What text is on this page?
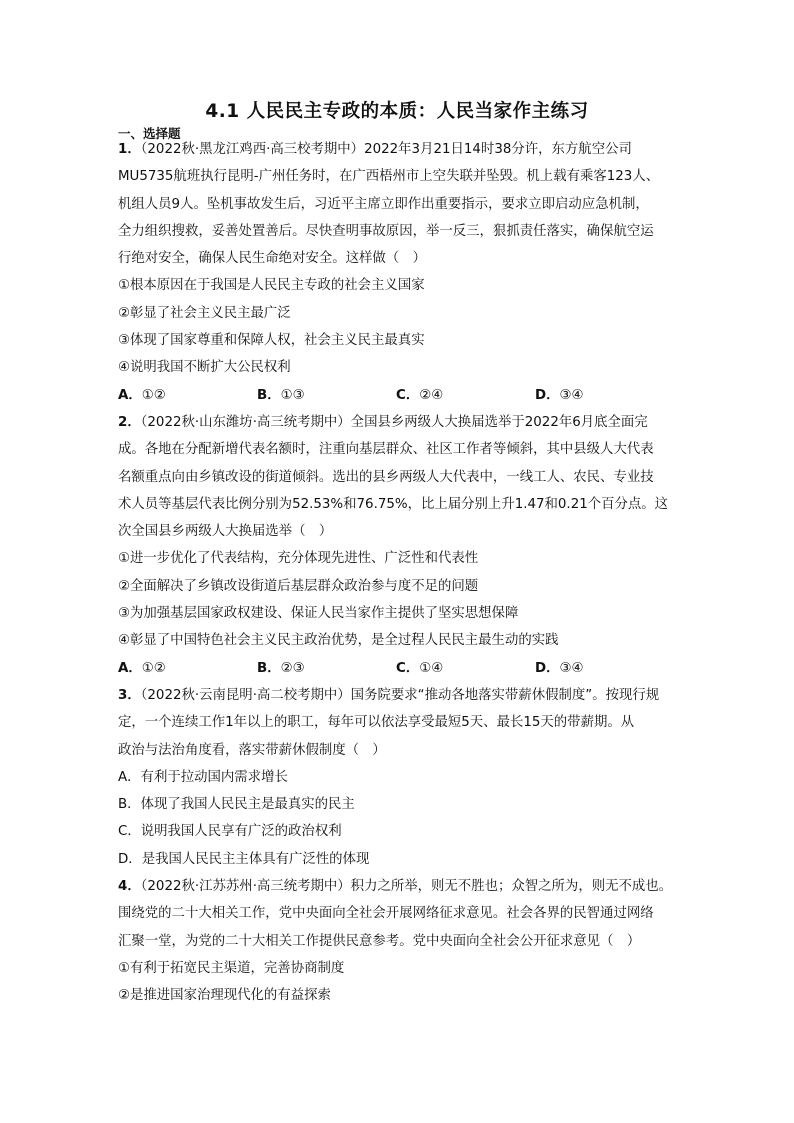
4.1 人民民主专政的本质：人民当家作主练习
一、选择题
1．（2022秋·黑龙江鸡西·高三校考期中）2022年3月21日14时38分许，东方航空公司
MU5735航班执行昆明-广州任务时，在广西梧州市上空失联并坠毁。机上载有乘客123人、
机组人员9人。坠机事故发生后，习近平主席立即作出重要指示，要求立即启动应急机制，
全力组织搜救，妥善处置善后。尽快查明事故原因，举一反三，狠抓责任落实，确保航空运
行绝对安全，确保人民生命绝对安全。这样做（　）
①根本原因在于我国是人民民主专政的社会主义国家
②彰显了社会主义民主最广泛
③体现了国家尊重和保障人权，社会主义民主最真实
④说明我国不断扩大公民权利
A．①②	B．①③	C．②④	D．③④
2．（2022秋·山东潍坊·高三统考期中）全国县乡两级人大换届选举于2022年6月底全面完
成。各地在分配新增代表名额时，注重向基层群众、社区工作者等倾斜，其中县级人大代表
名额重点向由乡镇改设的街道倾斜。选出的县乡两级人大代表中，一线工人、农民、专业技
术人员等基层代表比例分别为52.53%和76.75%，比上届分别上升1.47和0.21个百分点。这
次全国县乡两级人大换届选举（　）
①进一步优化了代表结构，充分体现先进性、广泛性和代表性
②全面解决了乡镇改设街道后基层群众政治参与度不足的问题
③为加强基层国家政权建设、保证人民当家作主提供了坚实思想保障
④彰显了中国特色社会主义民主政治优势，是全过程人民民主最生动的实践
A．①②	B．②③	C．①④	D．③④
3．（2022秋·云南昆明·高二校考期中）国务院要求“推动各地落实带薪休假制度”。按现行规
定，一个连续工作1年以上的职工，每年可以依法享受最短5天、最长15天的带薪期。从
政治与法治角度看，落实带薪休假制度（　）
A．有利于拉动国内需求增长
B．体现了我国人民民主是最真实的民主
C．说明我国人民享有广泛的政治权利
D．是我国人民民主主体具有广泛性的体现
4．（2022秋·江苏苏州·高三统考期中）积力之所举，则无不胜也；众智之所为，则无不成也。
围绕党的二十大相关工作，党中央面向全社会开展网络征求意见。社会各界的民智通过网络
汇聚一堂，为党的二十大相关工作提供民意参考。党中央面向全社会公开征求意见（　）
①有利于拓宽民主渠道，完善协商制度
②是推进国家治理现代化的有益探索
